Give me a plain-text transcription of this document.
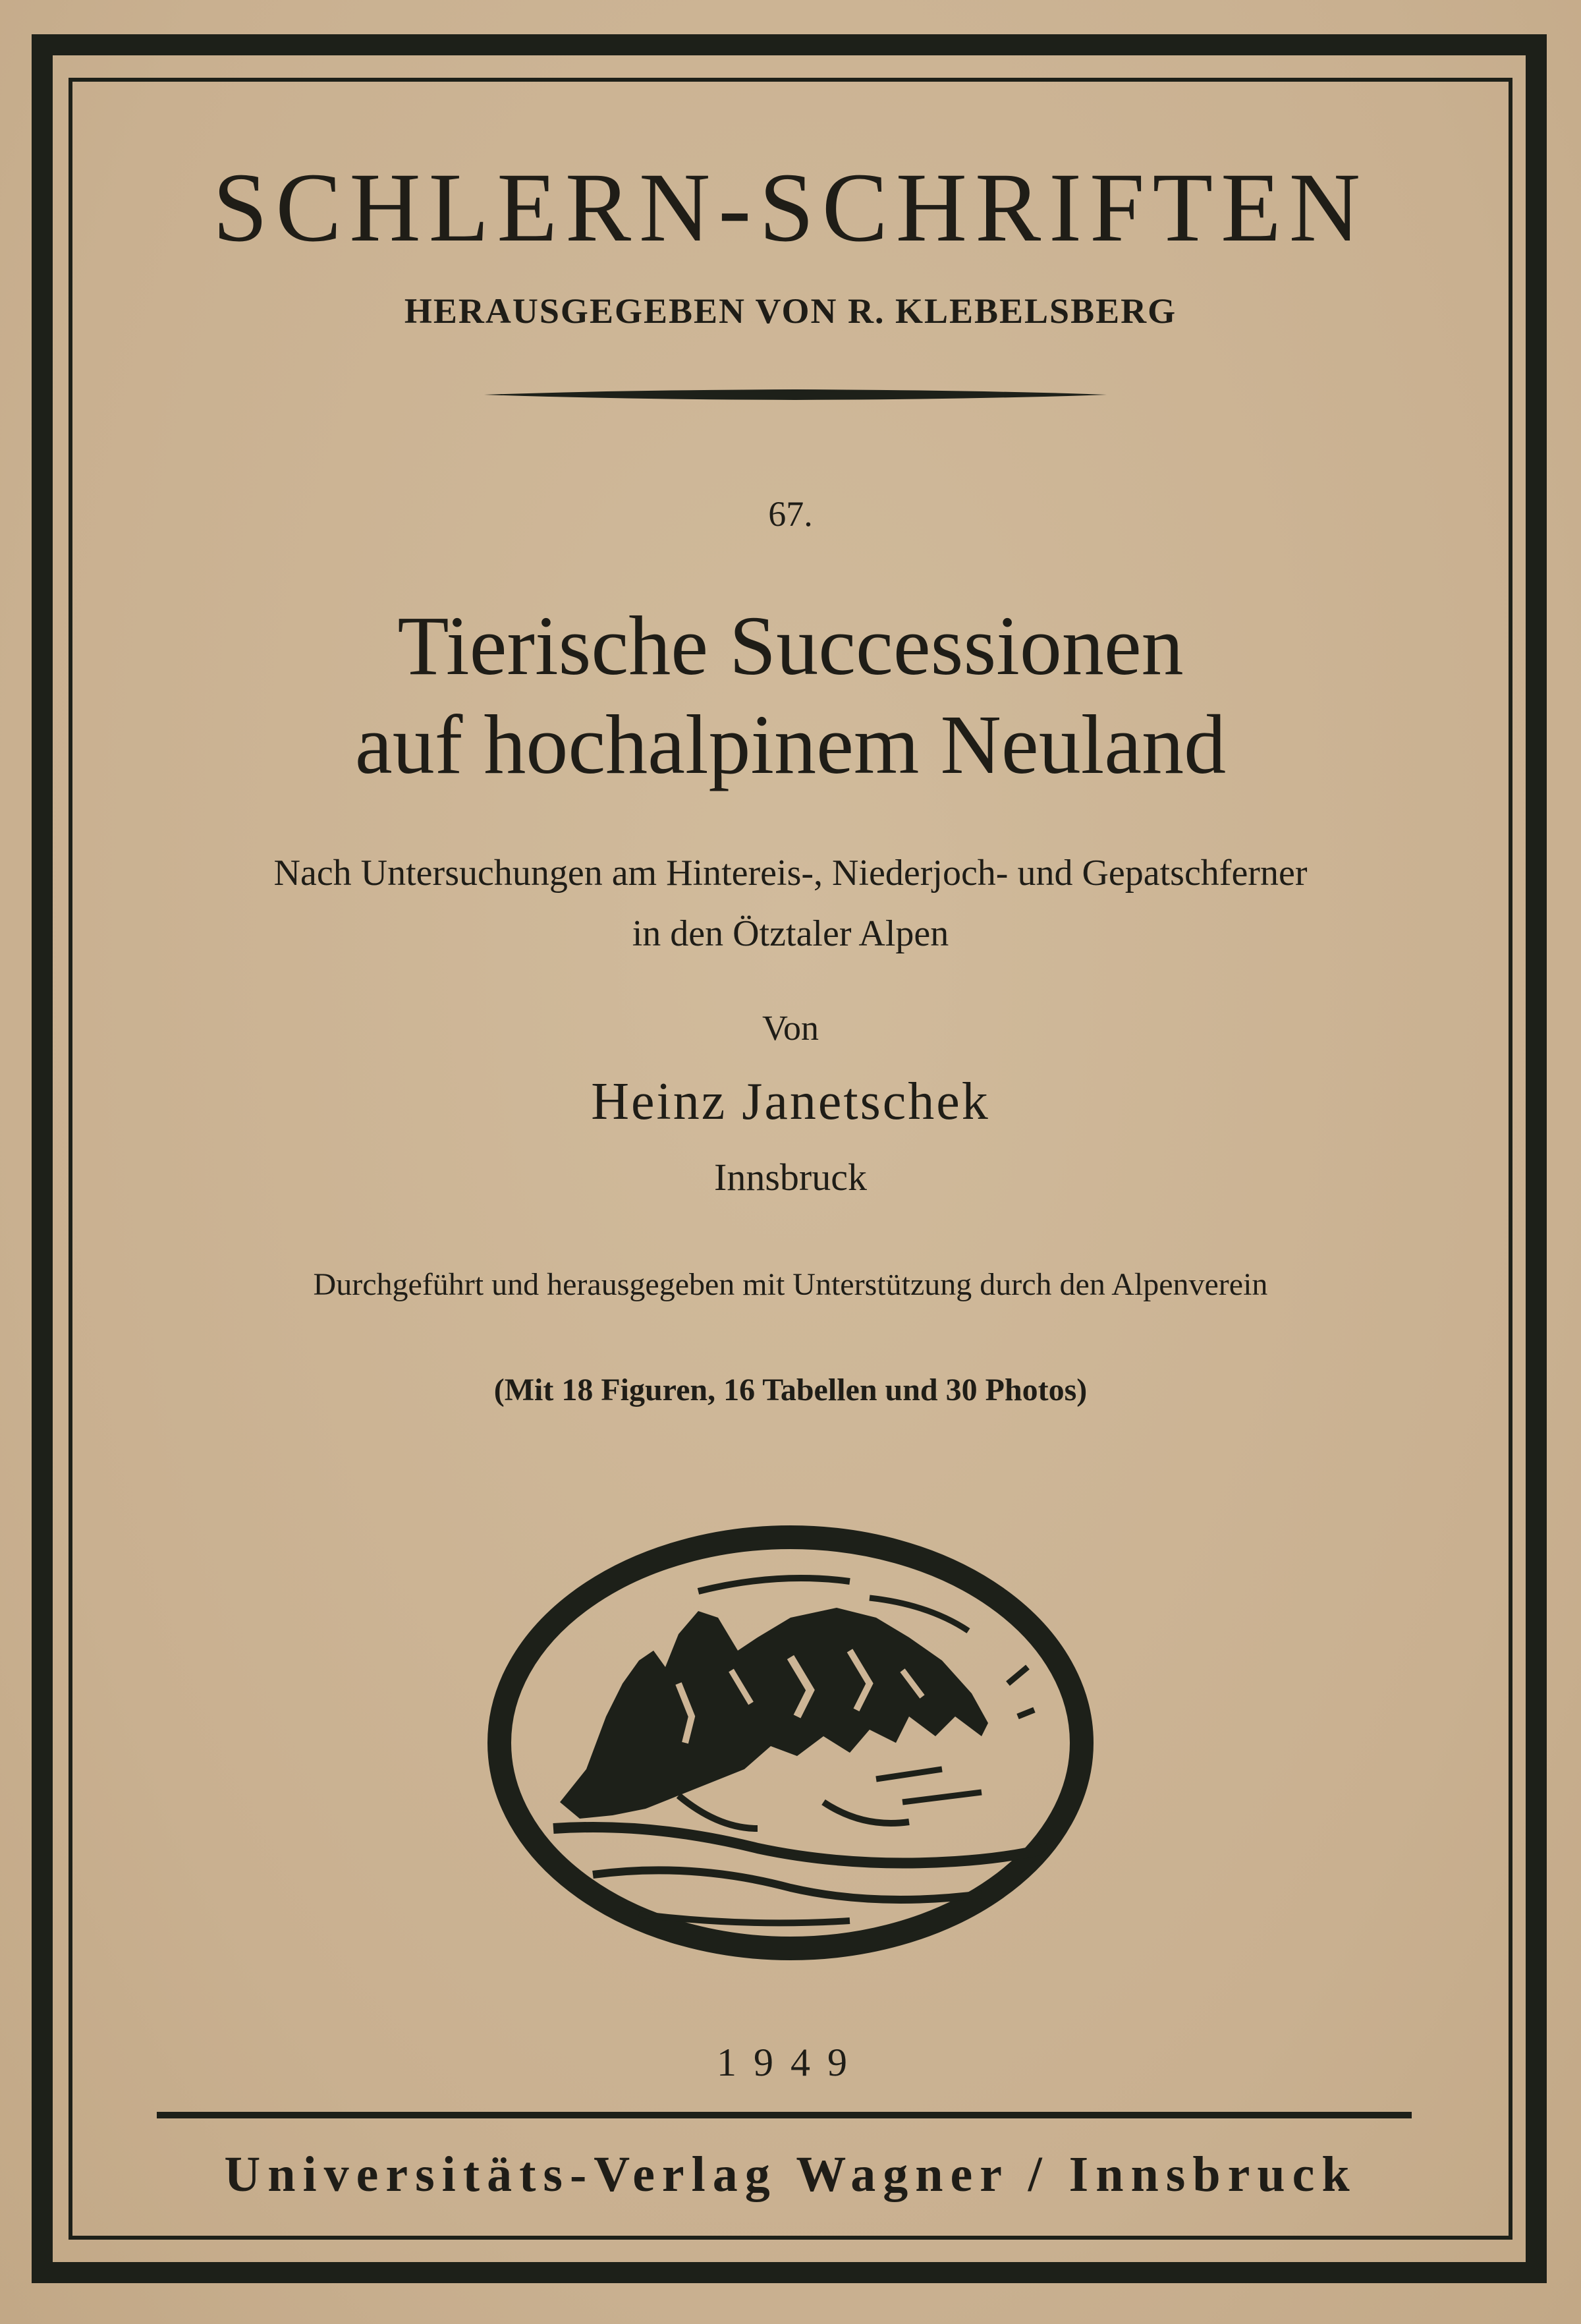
SCHLERN-SCHRIFTEN
HERAUSGEGEBEN VON R. KLEBELSBERG
67.
Tierische Successionen
auf hochalpinem Neuland
Nach Untersuchungen am Hintereis-, Niederjoch- und Gepatschferner
in den Ötztaler Alpen
Von
Heinz Janetschek
Innsbruck
Durchgeführt und herausgegeben mit Unterstützung durch den Alpenverein
(Mit 18 Figuren, 16 Tabellen und 30 Photos)
1949
Universitäts-Verlag Wagner / Innsbruck
